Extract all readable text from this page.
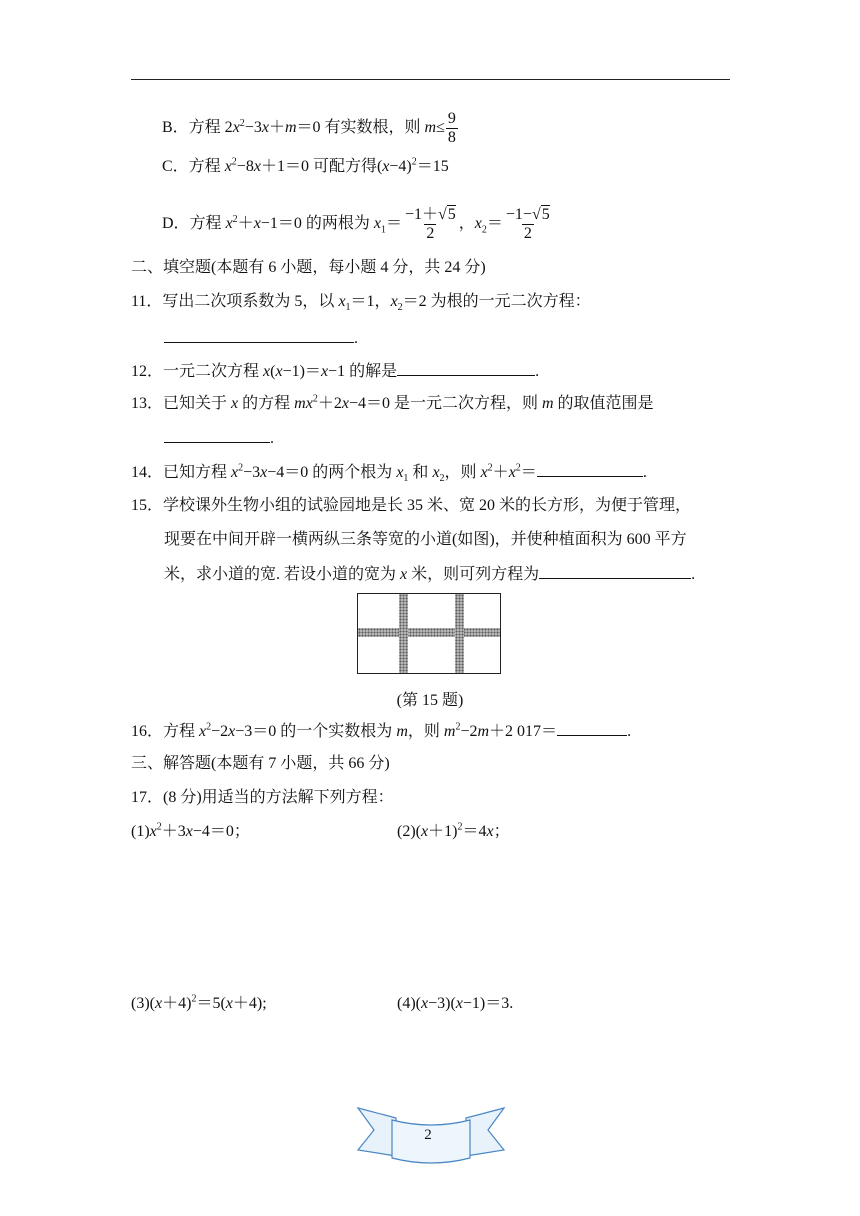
B．方程 $2x^2-3x+m=0$ 有实数根，则 $m\le \frac{9}{8}$
C．方程 $x^2-8x+1=0$ 可配方得$(x-4)^2=15$
D．方程 $x^2+x-1=0$ 的两根为 $x_1= \frac{-1+√5}{2}$ ，$x_2= \frac{-1-√5}{2}$
二、填空题(本题有 6 小题，每小题 4 分，共 24 分)
11．写出二次项系数为 5，以 $x_1=1$，$x_2=2$ 为根的一元二次方程：
.
12．一元二次方程 x(x−1)＝x−1 的解是	.
13．已知关于 x 的方程 $mx^2+2x-4=0$ 是一元二次方程，则 m 的取值范围是
.
14．已知方程 $x^2-3x-4=0$ 的两个根为 $x_1$ 和 $x_2$，则 $x^2+x^2=$	.
15．学校课外生物小组的试验园地是长 35 米、宽 20 米的长方形，为便于管理，
现要在中间开辟一横两纵三条等宽的小道(如图)，并使种植面积为 600 平方
米，求小道的宽. 若设小道的宽为 x 米，则可列方程为	.
(第 15 题)
16．方程 $x^2-2x-3=0$ 的一个实数根为 m，则 $m^2-2m+2$ 017＝	.
三、解答题(本题有 7 小题，共 66 分)
17．(8 分)用适当的方法解下列方程：
$(1)x^2+3x-4=0$；	$(2)(x+1)^2=4x$；
$(3)(x+4)^2=5(x+4)$;	(4)(x−3)(x−1)＝3.
2
